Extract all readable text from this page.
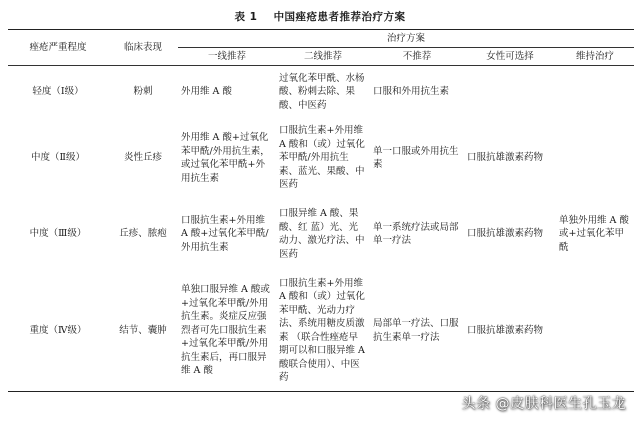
表 1 中国痤疮患者推荐治疗方案
痤疮严重程度	临床表现	治疗方案				
		一线推荐	二线推荐	不推荐	女性可选择	维持治疗
轻度（Ⅰ级）	粉刺	外用维 A 酸	过氧化苯甲酰、水杨酸、粉刺去除、果酸、中医药	口服和外用抗生素		
中度（Ⅱ级）	炎性丘疹	外用维 A 酸+过氧化苯甲酰/外用抗生素，或过氧化苯甲酰+外用抗生素	口服抗生素+外用维 A 酸和（或）过氧化苯甲酰/外用抗生素、蓝光、果酸、中医药	单一口服或外用抗生素	口服抗雄激素药物	
中度（Ⅲ级）	丘疹、脓疱	口服抗生素+外用维 A 酸+过氧化苯甲酰/外用抗生素	口服异维 A 酸、果酸、红 蓝）光、光动力、激光疗法、中医药	单一系统疗法或局部单一疗法	口服抗雄激素药物	单独外用维 A 酸或+过氧化苯甲酰
重度（Ⅳ级）	结节、囊肿	单独口服异维 A 酸或+过氧化苯甲酰/外用抗生素。炎症反应强烈者可先口服抗生素+过氧化苯甲酰/外用抗生素后，再口服异维 A 酸	口服抗生素+外用维 A 酸和（或）过氧化苯甲酰、光动力疗法、系统用糖皮质激素 （联合性痤疮早期可以和口服异维 A 酸联合使用）、中医药	局部单一疗法、口服抗生素单一疗法	口服抗雄激素药物	
头条 @皮肤科医生孔玉龙
